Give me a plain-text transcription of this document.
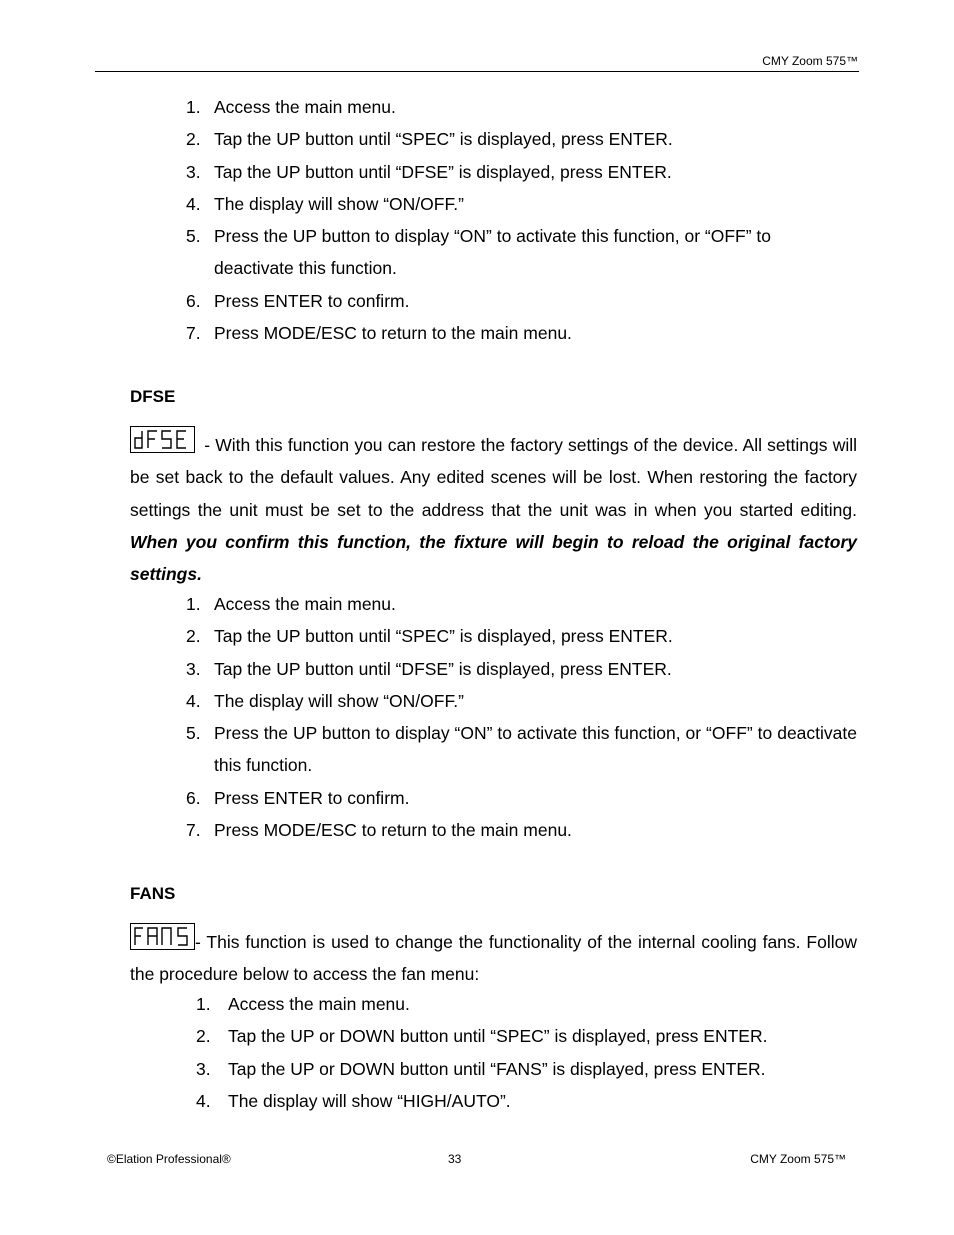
CMY Zoom 575™
1. Access the main menu.
2. Tap the UP button until “SPEC” is displayed, press ENTER.
3. Tap the UP button until “DFSE” is displayed, press ENTER.
4. The display will show “ON/OFF.”
5. Press the UP button to display “ON” to activate this function, or “OFF” to deactivate this function.
6. Press ENTER to confirm.
7. Press MODE/ESC to return to the main menu.
DFSE
- With this function you can restore the factory settings of the device. All settings will be set back to the default values. Any edited scenes will be lost. When restoring the factory settings the unit must be set to the address that the unit was in when you started editing. When you confirm this function, the fixture will begin to reload the original factory settings.
1. Access the main menu.
2. Tap the UP button until “SPEC” is displayed, press ENTER.
3. Tap the UP button until “DFSE” is displayed, press ENTER.
4. The display will show “ON/OFF.”
5. Press the UP button to display “ON” to activate this function, or “OFF” to deactivate this function.
6. Press ENTER to confirm.
7. Press MODE/ESC to return to the main menu.
FANS
- This function is used to change the functionality of the internal cooling fans. Follow the procedure below to access the fan menu:
1. Access the main menu.
2. Tap the UP or DOWN button until “SPEC” is displayed, press ENTER.
3. Tap the UP or DOWN button until “FANS” is displayed, press ENTER.
4. The display will show “HIGH/AUTO”.
©Elation Professional®	33	CMY Zoom 575™
